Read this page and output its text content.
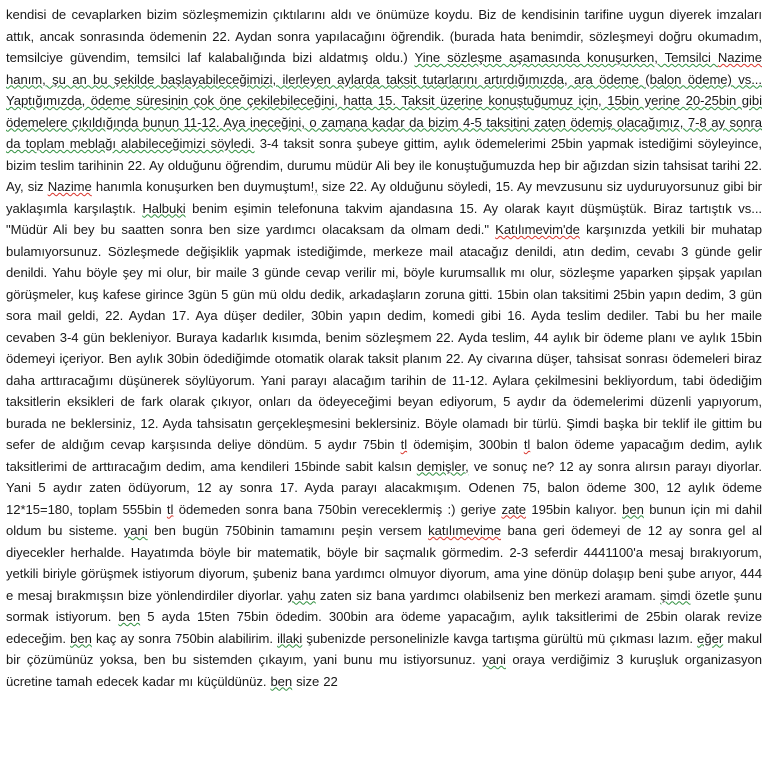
kendisi de cevaplarken bizim sözleşmemizin çıktılarını aldı ve önümüze koydu. Biz de kendisinin tarifine uygun diyerek imzaları attık, ancak sonrasında ödemenin 22. Aydan sonra yapılacağını öğrendik. (burada hata benimdir, sözleşmeyi doğru okumadım, temsilciye güvendim, temsilci laf kalabalığında bizi aldatmış oldu.) Yine sözleşme aşamasında konuşurken, Temsilci Nazime hanım, şu an bu şekilde başlayabileceğimizi, ilerleyen aylarda taksit tutarlarını artırdığımızda, ara ödeme (balon ödeme) vs... Yaptığımızda, ödeme süresinin çok öne çekilebileceğini, hatta 15. Taksit üzerine konuştuğumuz için, 15bin yerine 20-25bin gibi ödemelere çıkıldığında bunun 11-12. Aya ineceğini, o zamana kadar da bizim 4-5 taksitini zaten ödemiş olacağımız, 7-8 ay sonra da toplam meblağı alabileceğimizi söyledi. 3-4 taksit sonra şubeye gittim, aylık ödemelerimi 25bin yapmak istediğimi söyleyince, bizim teslim tarihinin 22. Ay olduğunu öğrendim, durumu müdür Ali bey ile konuştuğumuzda hep bir ağızdan sizin tahsisat tarihi 22. Ay, siz Nazime hanımla konuşurken ben duymuştum!, size 22. Ay olduğunu söyledi, 15. Ay mevzusunu siz uyduruyorsunuz gibi bir yaklaşımla karşılaştık. Halbuki benim eşimin telefonuna takvim ajandasına 15. Ay olarak kayıt düşmüştük. Biraz tartıştık vs... "Müdür Ali bey bu saatten sonra ben size yardımcı olacaksam da olmam dedi." Katılımevim'de karşınızda yetkili bir muhatap bulamıyorsunuz. Sözleşmede değişiklik yapmak istediğimde, merkeze mail atacağız denildi, atın dedim, cevabı 3 günde gelir denildi. Yahu böyle şey mi olur, bir maile 3 günde cevap verilir mi, böyle kurumsallık mı olur, sözleşme yaparken şipşak yapılan görüşmeler, kuş kafese girince 3gün 5 gün mü oldu dedik, arkadaşların zoruna gitti. 15bin olan taksitimi 25bin yapın dedim, 3 gün sora mail geldi, 22. Aydan 17. Aya düşer dediler, 30bin yapın dedim, komedi gibi 16. Ayda teslim dediler. Tabi bu her maile cevaben 3-4 gün bekleniyor. Buraya kadarlık kısımda, benim sözleşmem 22. Ayda teslim, 44 aylık bir ödeme planı ve aylık 15bin ödemeyi içeriyor. Ben aylık 30bin ödediğimde otomatik olarak taksit planım 22. Ay civarına düşer, tahsisat sonrası ödemeleri biraz daha arttıracağımı düşünerek söylüyorum. Yani parayı alacağım tarihin de 11-12. Aylara çekilmesini bekliyordum, tabi ödediğim taksitlerin eksikleri de fark olarak çıkıyor, onları da ödeyeceğimi beyan ediyorum, 5 aydır da ödemelerimi düzenli yapıyorum, burada ne beklersiniz, 12. Ayda tahsisatın gerçekleşmesini beklersiniz. Böyle olamadı bir türlü. Şimdi başka bir teklif ile gittim bu sefer de aldığım cevap karşısında deliye döndüm. 5 aydır 75bin tl ödemişim, 300bin tl balon ödeme yapacağım dedim, aylık taksitlerimi de arttıracağım dedim, ama kendileri 15binde sabit kalsın demişler, ve sonuç ne? 12 ay sonra alırsın parayı diyorlar. Yani 5 aydır zaten ödüyorum, 12 ay sonra 17. Ayda parayı alacakmışım. Odenen 75, balon ödeme 300, 12 aylık ödeme 12*15=180, toplam 555bin tl ödemeden sonra bana 750bin vereceklermiş :) geriye zate 195bin kalıyor. ben bunun için mi dahil oldum bu sisteme. yani ben bugün 750binin tamamını peşin versem katılımevime bana geri ödemeyi de 12 ay sonra gel al diyecekler herhalde. Hayatımda böyle bir matematik, böyle bir saçmalık görmedim. 2-3 seferdir 4441100'a mesaj bırakıyorum, yetkili biriyle görüşmek istiyorum diyorum, şubeniz bana yardımcı olmuyor diyorum, ama yine dönüp dolaşıp beni şube arıyor, 444 e mesaj bırakmışsın bize yönlendirdiler diyorlar. yahu zaten siz bana yardımcı olabilseniz ben merkezi aramam. şimdi özetle şunu sormak istiyorum. ben 5 ayda 15ten 75bin ödedim. 300bin ara ödeme yapacağım, aylık taksitlerimi de 25bin olarak revize edeceğim. ben kaç ay sonra 750bin alabilirim. illaki şubenizde personelinizle kavga tartışma gürültü mü çıkması lazım. eğer makul bir çözümünüz yoksa, ben bu sistemden çıkayım, yani bunu mu istiyorsunuz. yani oraya verdiğimiz 3 kuruşluk organizasyon ücretine tamah edecek kadar mı küçüldünüz. ben size 22
